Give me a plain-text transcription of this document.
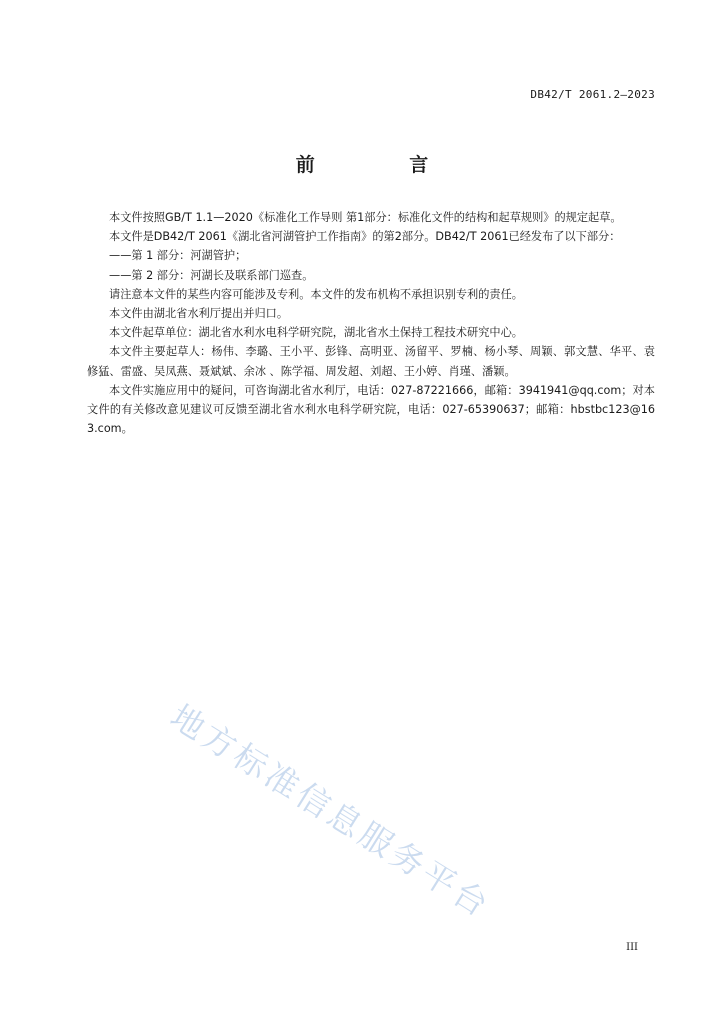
DB42/T 2061.2—2023
前 言

本文件按照GB/T 1.1—2020《标准化工作导则 第1部分：标准化文件的结构和起草规则》的规定起草。

本文件是DB42/T 2061《湖北省河湖管护工作指南》的第2部分。DB42/T 2061已经发布了以下部分：

——第 1 部分：河湖管护；

——第 2 部分：河湖长及联系部门巡查。

请注意本文件的某些内容可能涉及专利。本文件的发布机构不承担识别专利的责任。

本文件由湖北省水利厅提出并归口。

本文件起草单位：湖北省水利水电科学研究院，湖北省水土保持工程技术研究中心。

本文件主要起草人：杨伟、李璐、王小平、彭锋、高明亚、汤留平、罗楠、杨小琴、周颖、郭文慧、华平、袁修猛、雷盛、吴凤燕、聂斌斌、余冰 、陈学福、周发超、刘超、王小婷、肖瑾、潘颖。

本文件实施应用中的疑问，可咨询湖北省水利厅，电话：027-87221666，邮箱：3941941@qq.com；对本文件的有关修改意见建议可反馈至湖北省水利水电科学研究院，电话：027-65390637；邮箱：hbstbc123@163.com。

地方标准信息服务平台
III
